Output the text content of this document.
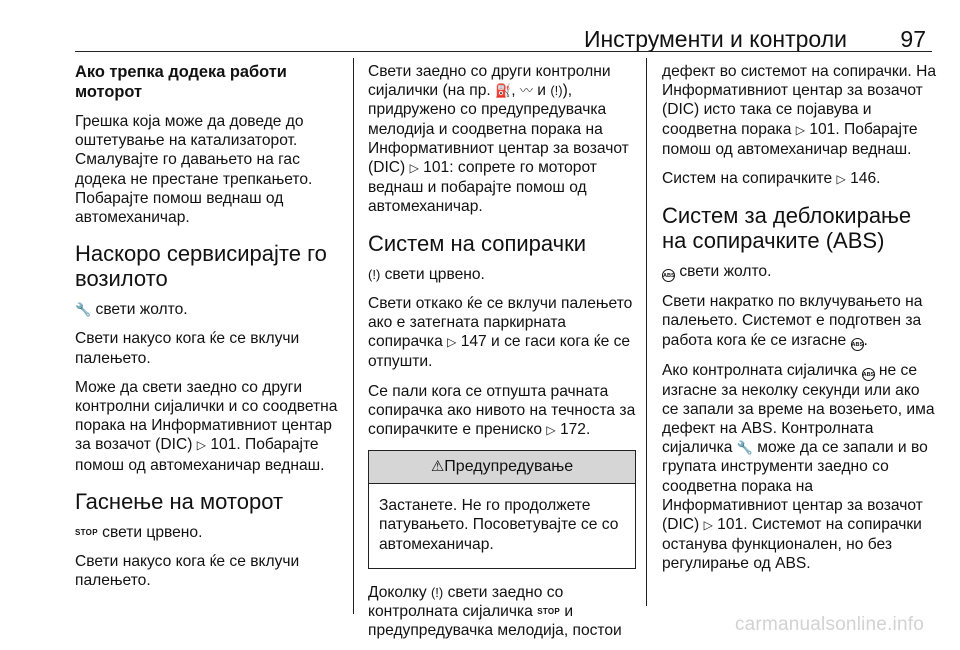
Инструменти и контроли 97
Ако трепка додека работи моторот

Грешка која може да доведе до оштетување на катализаторот. Смалувајте го давањето на гас додека не престане трепкањето. Побарајте помош веднаш од автомеханичар.

Наскоро сервисирајте го возилото

🔧 свети жолто.

Свети накусо кога ќе се вклучи палењето.

Може да свети заедно со други контролни сијалички и со соодветна порака на Информативниот центар за возачот (DIC) ▷ 101. Побарајте помош од автомеханичар веднаш.

Гаснење на моторот

STOP свети црвено.

Свети накусо кога ќе се вклучи палењето.

Свети заедно со други контролни сијалички (на пр. ⛽, 〰 и (!)), придружено со предупредувачка мелодија и соодветна порака на Информативниот центар за возачот (DIC) ▷ 101: сопрете го моторот веднаш и побарајте помош од автомеханичар.

Систем на сопирачки

(!) свети црвено.

Свети откако ќе се вклучи палењето ако е затегната паркирната сопирачка ▷ 147 и се гаси кога ќе се отпушти.

Се пали кога се отпушта рачната сопирачка ако нивото на течноста за сопирачките е прениско ▷ 172.

⚠Предупредување
Застанете. Не го продолжете патувањето. Посоветувајте се со автомеханичар.

Доколку (!) свети заедно со контролната сијаличка STOP и предупредувачка мелодија, постои

дефект во системот на сопирачки. На Информативниот центар за возачот (DIC) исто така се појавува и соодветна порака ▷ 101. Побарајте помош од автомеханичар веднаш.

Систем на сопирачките ▷ 146.

Систем за деблокирање на сопирачките (ABS)

ABS свети жолто.

Свети накратко по вклучувањето на палењето. Системот е подготвен за работа кога ќе се изгасне ABS.

Ако контролната сијаличка ABS не се изгасне за неколку секунди или ако се запали за време на возењето, има дефект на ABS. Контролната сијаличка 🔧 може да се запали и во групата инструменти заедно со соодветна порака на Информативниот центар за возачот (DIC) ▷ 101. Системот на сопирачки останува функционален, но без регулирање од ABS.

carmanualsonline.info
